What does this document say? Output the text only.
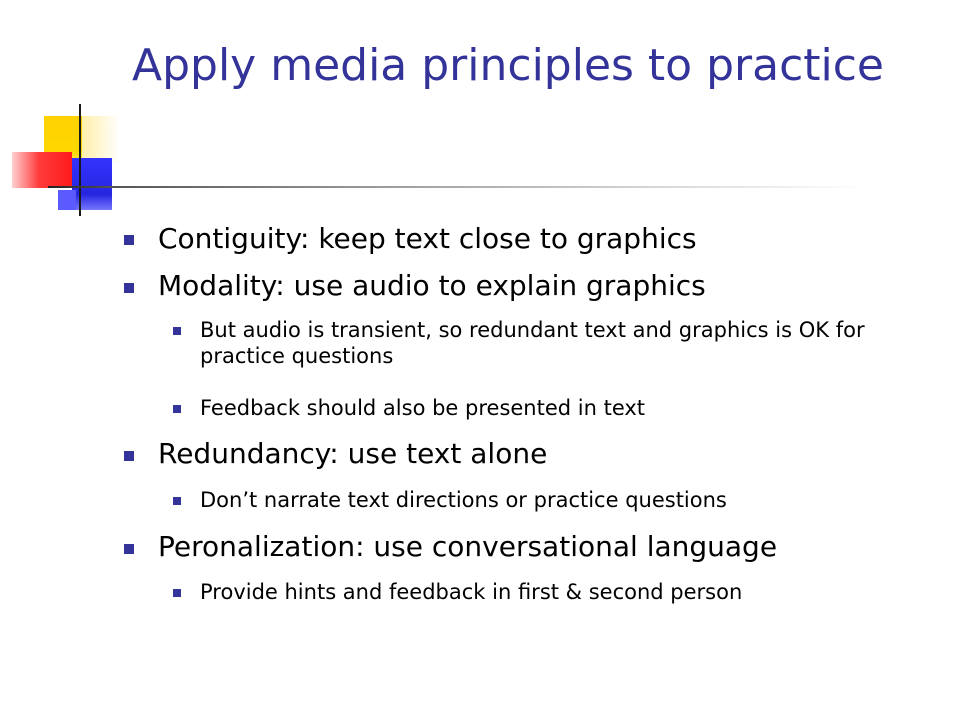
Apply media principles to practice
Contiguity: keep text close to graphics
Modality: use audio to explain graphics
But audio is transient, so redundant text and graphics is OK for practice questions
Feedback should also be presented in text
Redundancy: use text alone
Don’t narrate text directions or practice questions
Peronalization: use conversational language
Provide hints and feedback in first & second person
